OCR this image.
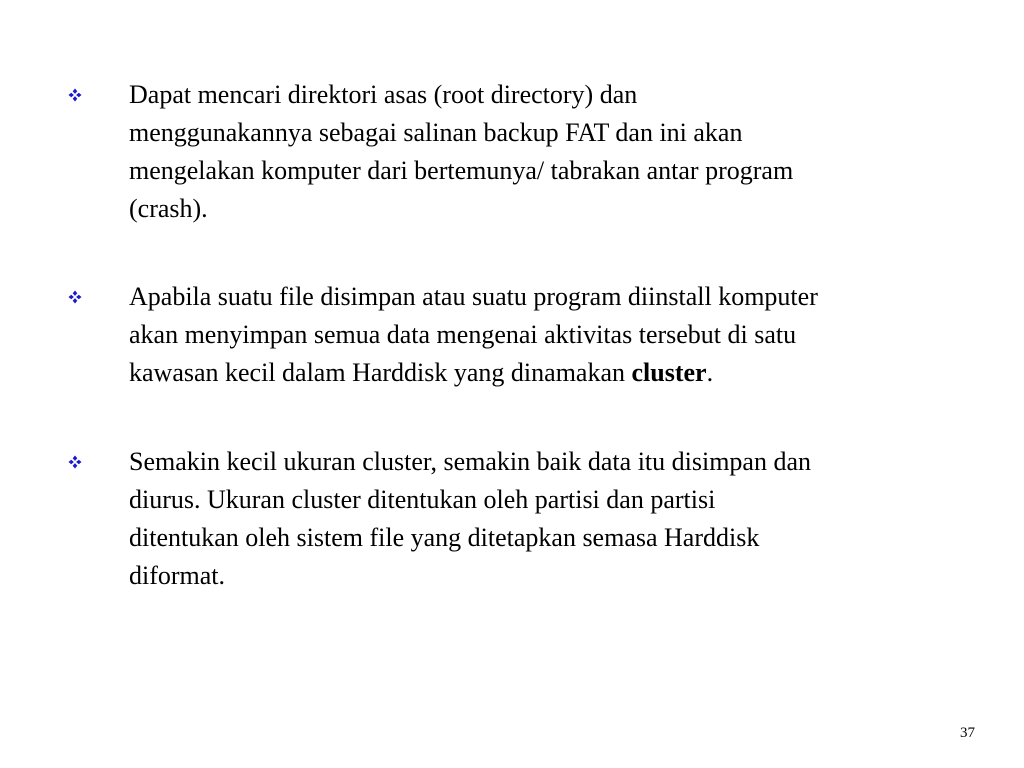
Dapat mencari direktori asas (root directory) dan
menggunakannya sebagai salinan backup FAT dan ini akan
mengelakan komputer dari bertemunya/ tabrakan antar program
(crash).
Apabila suatu file disimpan atau suatu program diinstall komputer
akan menyimpan semua data mengenai aktivitas tersebut di satu
kawasan kecil dalam Harddisk yang dinamakan cluster.
Semakin kecil ukuran cluster, semakin baik data itu disimpan dan
diurus. Ukuran cluster ditentukan oleh partisi dan partisi
ditentukan oleh sistem file yang ditetapkan semasa Harddisk
diformat.
37
